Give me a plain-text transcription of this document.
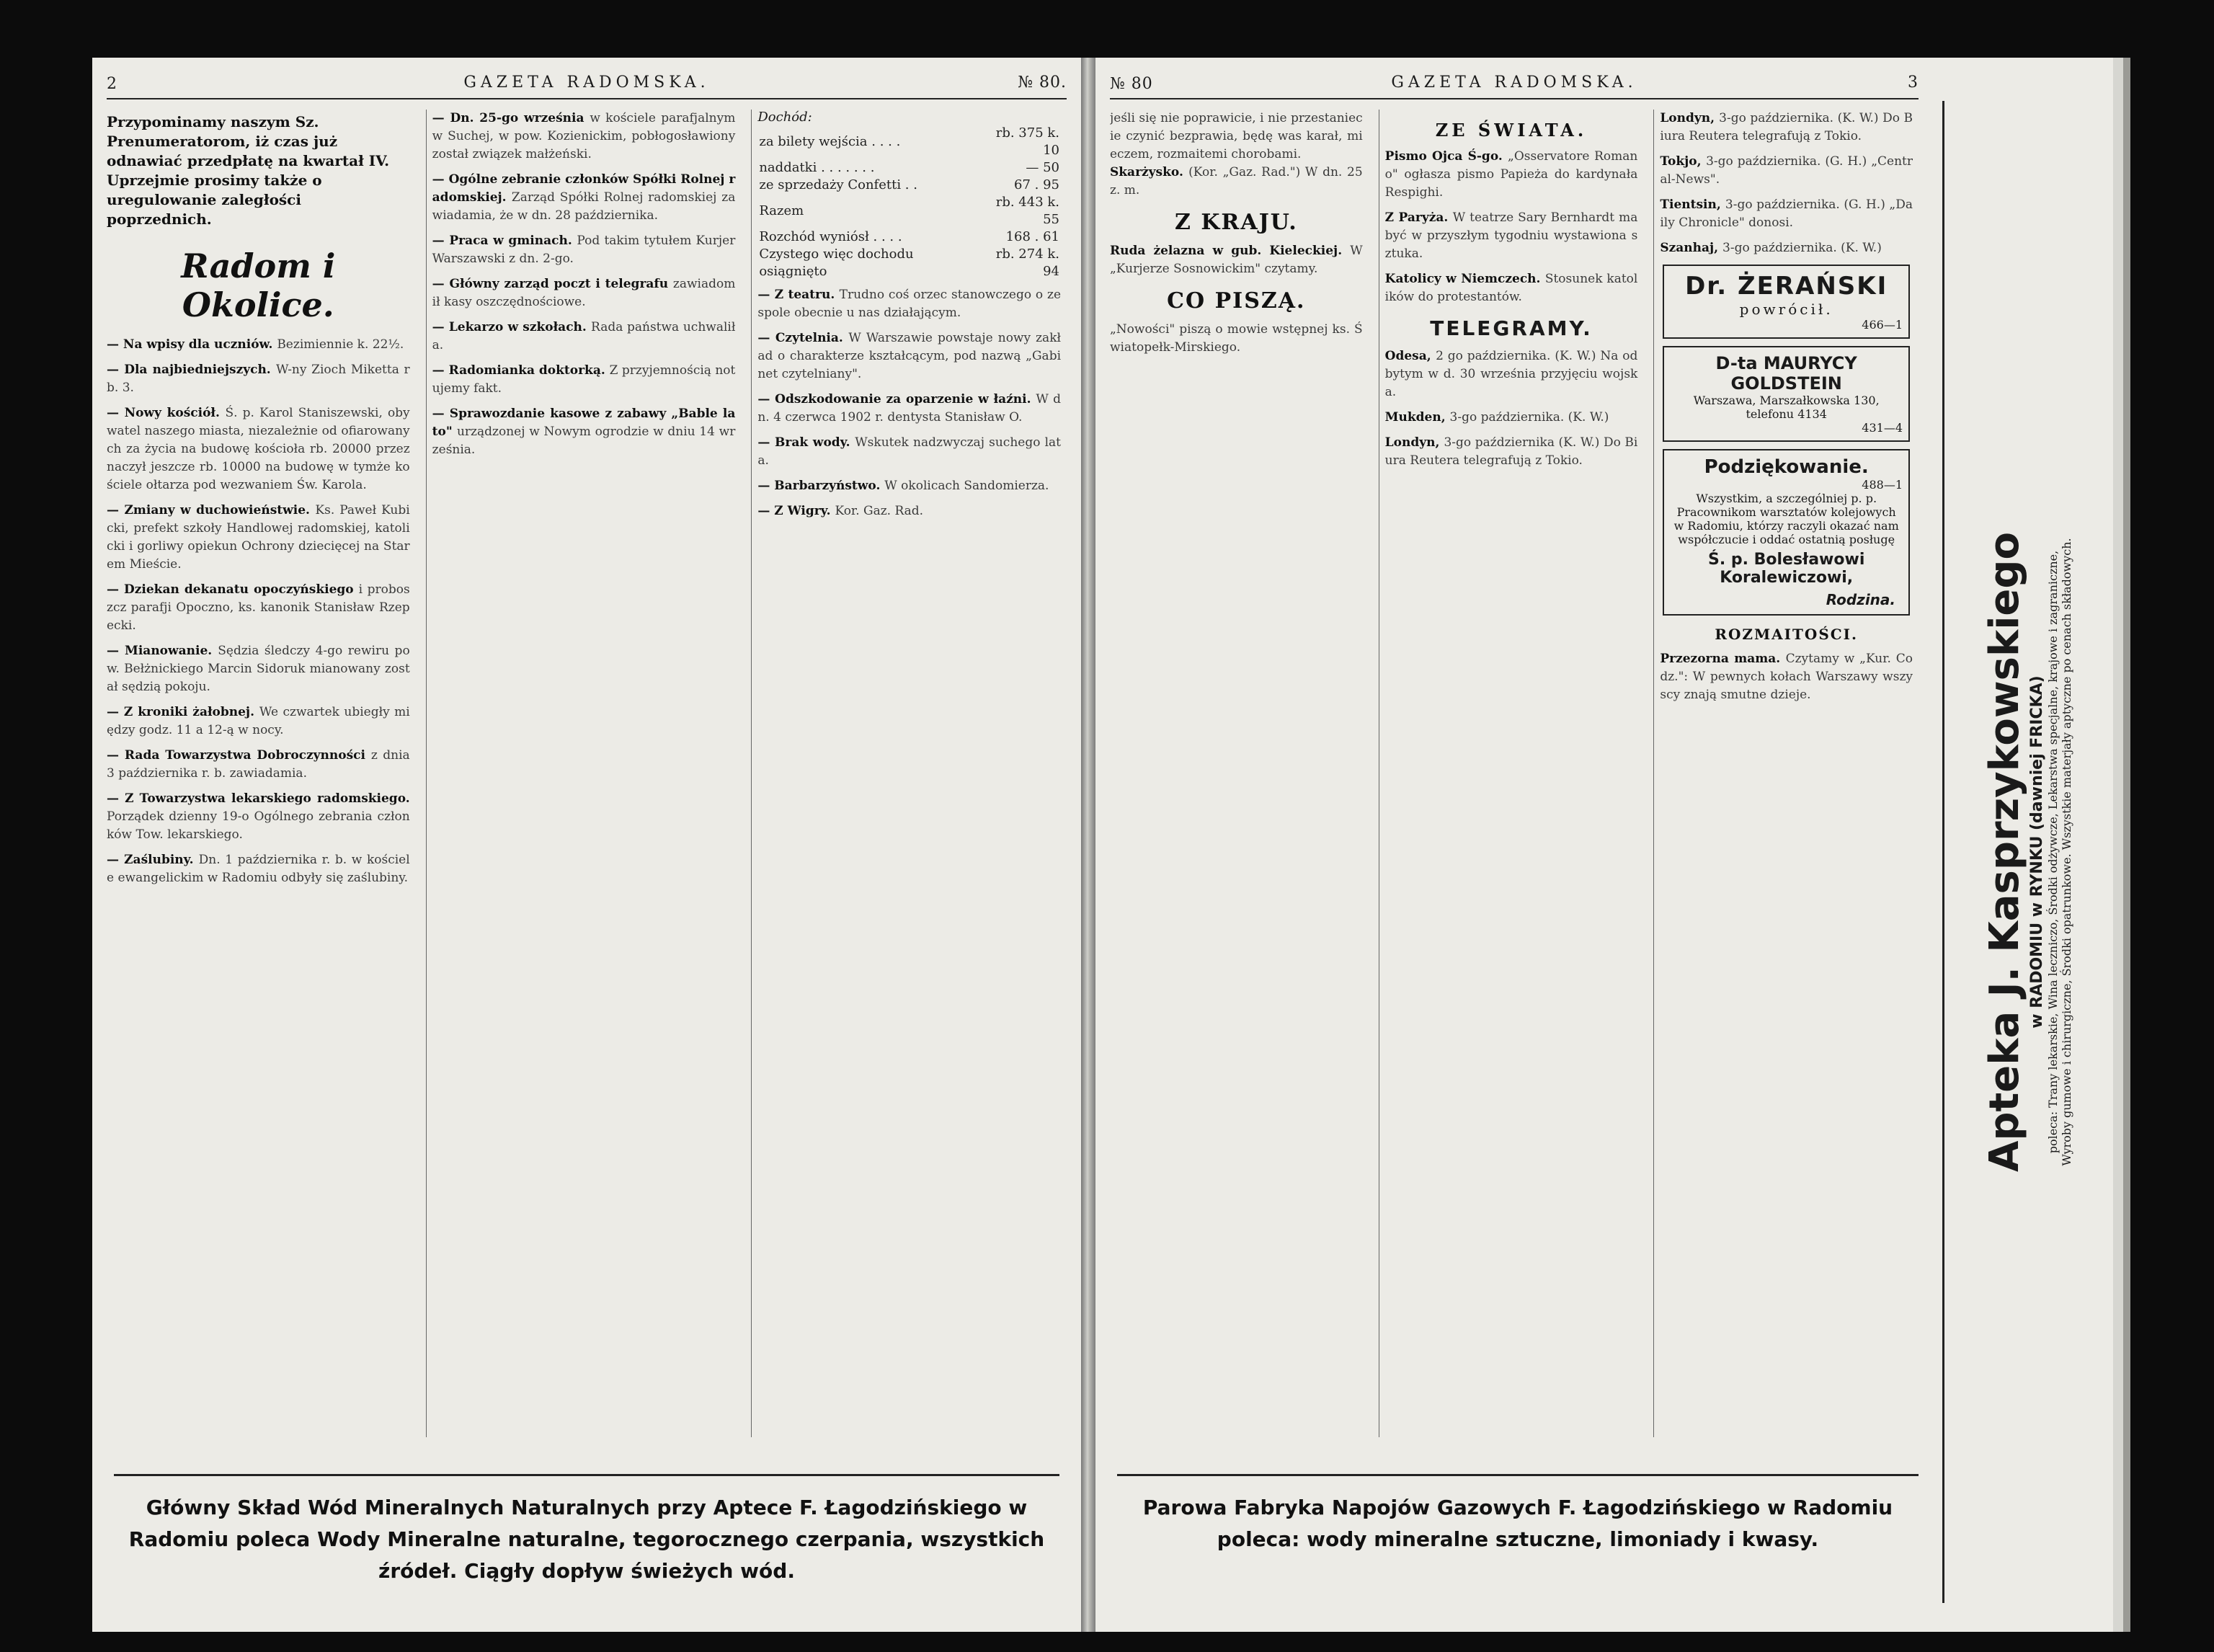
2	GAZETA RADOMSKA.	№ 80.
Przypominamy naszym Sz. Prenumeratorom, iż czas już odnawiać przedpłatę na kwartał IV. Uprzejmie prosimy także o uregulowanie zaległości poprzednich.
Radom i Okolice.

— Na wpisy dla uczniów. Bezimiennie k. 22½.

— Dla najbiedniejszych. W-ny Zioch Miketta rb. 3.

— Nowy kościół. Ś. p. Karol Staniszewski, obywatel naszego miasta, niezależnie od ofiarowanych za życia na budowę kościoła rb. 20000 przeznaczył jeszcze rb. 10000 na budowę w tymże kościele ołtarza pod wezwaniem Św. Karola.

— Zmiany w duchowieństwie. Ks. Paweł Kubicki, prefekt szkoły Handlowej radomskiej, katolicki i gorliwy opiekun Ochrony dziecięcej na Starem Mieście.

— Dziekan dekanatu opoczyńskiego i proboszcz parafji Opoczno, ks. kanonik Stanisław Rzepecki.

— Mianowanie. Sędzia śledczy 4-go rewiru pow. Bełżnickiego Marcin Sidoruk mianowany został sędzią pokoju.

— Z kroniki żałobnej. We czwartek ubiegły między godz. 11 a 12-ą w nocy.

— Rada Towarzystwa Dobroczynności z dnia 3 października r. b. zawiadamia.

— Z Towarzystwa lekarskiego radomskiego. Porządek dzienny 19-o Ogólnego zebrania członków Tow. lekarskiego.

— Zaślubiny. Dn. 1 października r. b. w kościele ewangelickim w Radomiu odbyły się zaślubiny.

— Dn. 25-go września w kościele parafjalnym w Suchej, w pow. Kozienickim, pobłogosławiony został związek małżeński.

— Ogólne zebranie członków Spółki Rolnej radomskiej. Zarząd Spółki Rolnej radomskiej zawiadamia, że w dn. 28 października.

— Praca w gminach. Pod takim tytułem Kurjer Warszawski z dn. 2-go.

— Główny zarząd poczt i telegrafu zawiadomił kasy oszczędnościowe.

— Lekarzo w szkołach. Rada państwa uchwaliła.

— Radomianka doktorką. Z przyjemnością notujemy fakt.

— Sprawozdanie kasowe z zabawy „Bable lato" urządzonej w Nowym ogrodzie w dniu 14 września.

Dochód:
za bilety wejścia . . . .	rb. 375 k. 10
naddatki . . . . . . .	— 50
ze sprzedaży Confetti . .	67 . 95
Razem	rb. 443 k. 55
Rozchód wyniósł . . . .	168 . 61
Czystego więc dochodu osiągnięto	rb. 274 k. 94

— Z teatru. Trudno coś orzec stanowczego o zespole obecnie u nas działającym.

— Czytelnia. W Warszawie powstaje nowy zakład o charakterze kształcącym, pod nazwą „Gabinet czytelniany".

— Odszkodowanie za oparzenie w łaźni. W dn. 4 czerwca 1902 r. dentysta Stanisław O.

— Brak wody. Wskutek nadzwyczaj suchego lata.

— Barbarzyństwo. W okolicach Sandomierza.

— Z Wigry. Kor. Gaz. Rad.

Główny Skład Wód Mineralnych Naturalnych przy Aptece F. Łagodzińskiego w Radomiu poleca Wody Mineralne naturalne, tegorocznego czerpania, wszystkich źródeł. Ciągły dopływ świeżych wód.
№ 80	GAZETA RADOMSKA.	3
jeśli się nie poprawicie, i nie przestaniecie czynić bezprawia, będę was karał, mieczem, rozmaitemi chorobami.

Skarżysko. (Kor. „Gaz. Rad.") W dn. 25 z. m.

Z KRAJU.

Ruda żelazna w gub. Kieleckiej. W „Kurjerze Sosnowickim" czytamy.

CO PISZĄ.
„Nowości" piszą o mowie wstępnej ks. Światopełk-Mirskiego.
ZE ŚWIATA.

Pismo Ojca Ś-go. „Osservatore Romano" ogłasza pismo Papieża do kardynała Respighi.

Z Paryża. W teatrze Sary Bernhardt ma być w przyszłym tygodniu wystawiona sztuka.

Katolicy w Niemczech. Stosunek katolików do protestantów.

TELEGRAMY.

Odesa, 2 go października. (K. W.) Na odbytym w d. 30 września przyjęciu wojska.

Mukden, 3-go października. (K. W.)

Londyn, 3-go października (K. W.) Do Biura Reutera telegrafują z Tokio.

Londyn, 3-go października. (K. W.) Do Biura Reutera telegrafują z Tokio.

Tokjo, 3-go października. (G. H.) „Central-News".

Tientsin, 3-go października. (G. H.) „Daily Chronicle" donosi.

Szanhaj, 3-go października. (K. W.)

Dr. ŻERAŃSKI
powrócił.
466—1
D-ta MAURYCY GOLDSTEIN
Warszawa, Marszałkowska 130, telefonu 4134
431—4
Podziękowanie.
488—1
Wszystkim, a szczególniej p. p. Pracownikom warsztatów kolejowych w Radomiu, którzy raczyli okazać nam współczucie i oddać ostatnią posługę
Ś. p. Bolesławowi Koralewiczowi,
Rodzina.
ROZMAITOŚCI.

Przezorna mama. Czytamy w „Kur. Codz.": W pewnych kołach Warszawy wszyscy znają smutne dzieje.	Apteka J. Kasprzykowskiego w RADOMIU w RYNKU (dawniej FRICKA) poleca: Trany lekarskie, Wina leczniczo, Środki odżywcze, Lekarstwa specjalne, krajowe i zagraniczne, Wyroby gumowe i chirurgiczne, Środki opatrunkowe. Wszystkie materjały aptyczne po cenach składowych.
Parowa Fabryka Napojów Gazowych F. Łagodzińskiego w Radomiu poleca: wody mineralne sztuczne, limoniady i kwasy.
